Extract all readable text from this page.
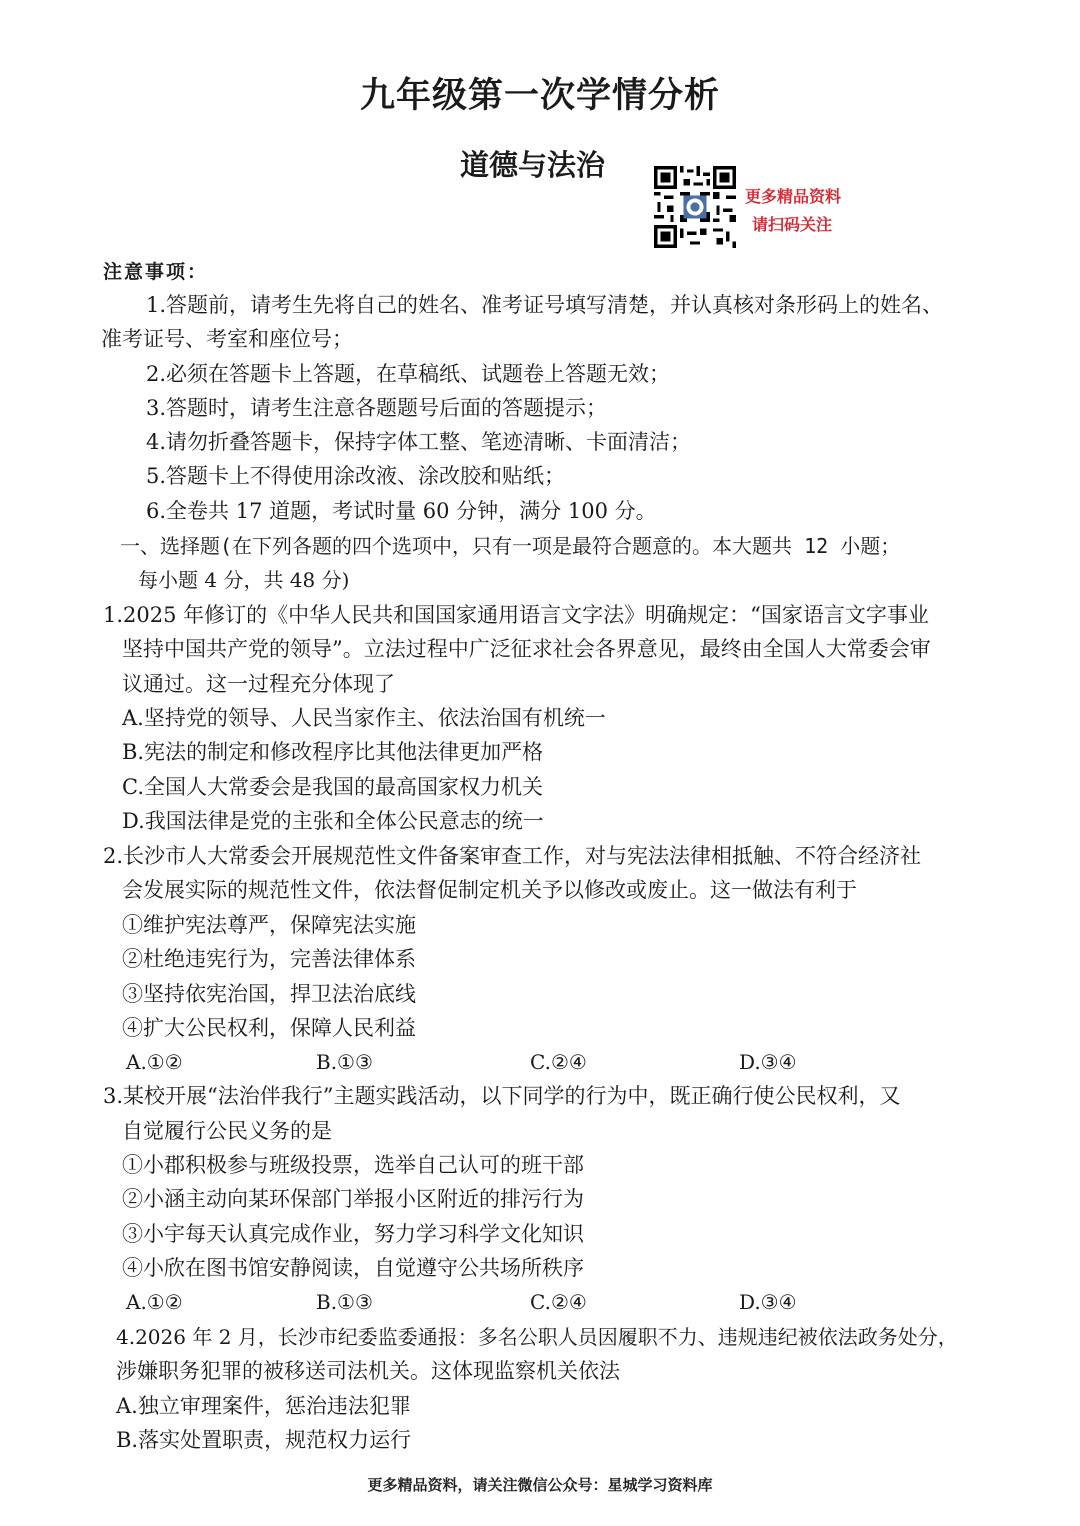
九年级第一次学情分析
道德与法治
更多精品资料
请扫码关注
注意事项：
1.答题前，请考生先将自己的姓名、准考证号填写清楚，并认真核对条形码上的姓名、
准考证号、考室和座位号；
2.必须在答题卡上答题，在草稿纸、试题卷上答题无效；
3.答题时，请考生注意各题题号后面的答题提示；
4.请勿折叠答题卡，保持字体工整、笔迹清晰、卡面清洁；
5.答题卡上不得使用涂改液、涂改胶和贴纸；
6.全卷共 17 道题，考试时量 60 分钟，满分 100 分。
一、选择题(在下列各题的四个选项中，只有一项是最符合题意的。本大题共 12 小题；
每小题 4 分，共 48 分)
1.2025 年修订的《中华人民共和国国家通用语言文字法》明确规定：“国家语言文字事业
坚持中国共产党的领导”。立法过程中广泛征求社会各界意见，最终由全国人大常委会审
议通过。这一过程充分体现了
A.坚持党的领导、人民当家作主、依法治国有机统一
B.宪法的制定和修改程序比其他法律更加严格
C.全国人大常委会是我国的最高国家权力机关
D.我国法律是党的主张和全体公民意志的统一
2.长沙市人大常委会开展规范性文件备案审查工作，对与宪法法律相抵触、不符合经济社
会发展实际的规范性文件，依法督促制定机关予以修改或废止。这一做法有利于
①维护宪法尊严，保障宪法实施
②杜绝违宪行为，完善法律体系
③坚持依宪治国，捍卫法治底线
④扩大公民权利，保障人民利益
A.①②	B.①③	C.②④	D.③④
3.某校开展“法治伴我行”主题实践活动，以下同学的行为中，既正确行使公民权利，又
自觉履行公民义务的是
①小郡积极参与班级投票，选举自己认可的班干部
②小涵主动向某环保部门举报小区附近的排污行为
③小宇每天认真完成作业，努力学习科学文化知识
④小欣在图书馆安静阅读，自觉遵守公共场所秩序
A.①②	B.①③	C.②④	D.③④
4.2026 年 2 月，长沙市纪委监委通报：多名公职人员因履职不力、违规违纪被依法政务处分，
涉嫌职务犯罪的被移送司法机关。这体现监察机关依法
A.独立审理案件，惩治违法犯罪
B.落实处置职责，规范权力运行
更多精品资料，请关注微信公众号：星城学习资料库
